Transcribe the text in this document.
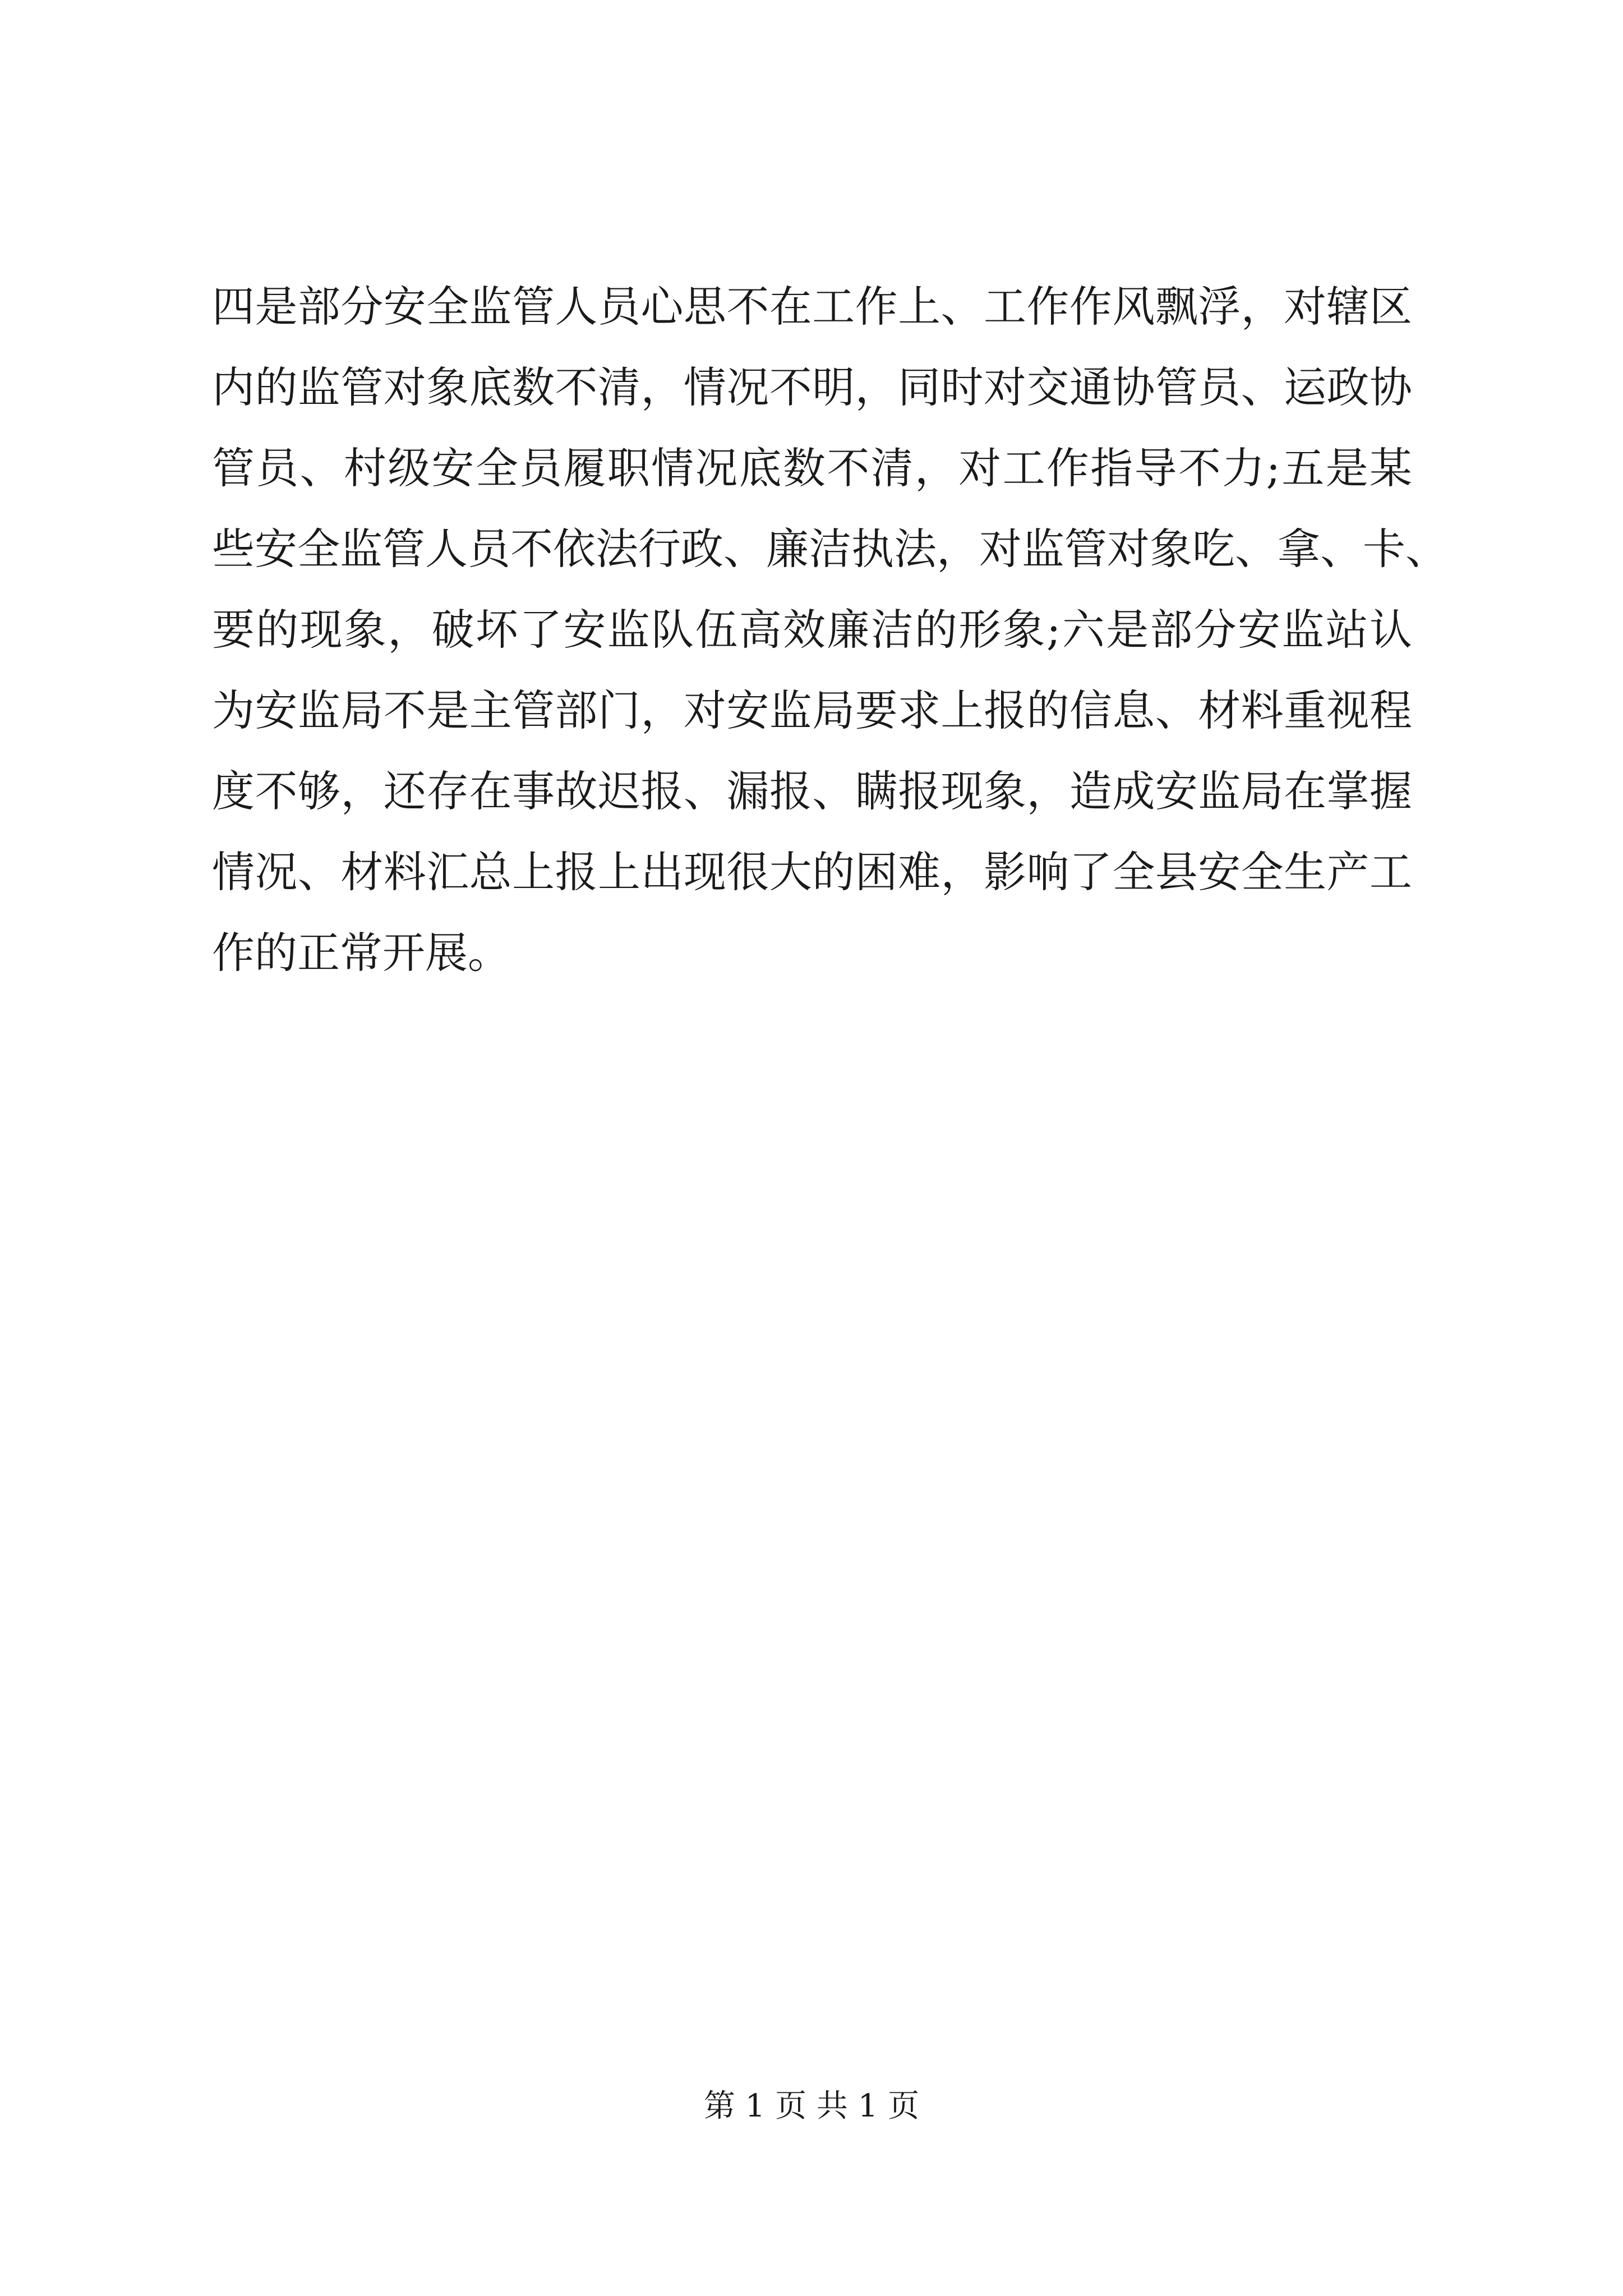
四是部分安全监管人员心思不在工作上、工作作风飘浮，对辖区
内的监管对象底数不清，情况不明，同时对交通协管员、运政协
管员、村级安全员履职情况底数不清，对工作指导不力;五是某
些安全监管人员不依法行政、廉洁执法，对监管对象吃、拿、卡、
要的现象，破坏了安监队伍高效廉洁的形象;六是部分安监站认
为安监局不是主管部门，对安监局要求上报的信息、材料重视程
度不够，还存在事故迟报、漏报、瞒报现象，造成安监局在掌握
情况、材料汇总上报上出现很大的困难，影响了全县安全生产工
作的正常开展。
第 1 页 共 1 页
